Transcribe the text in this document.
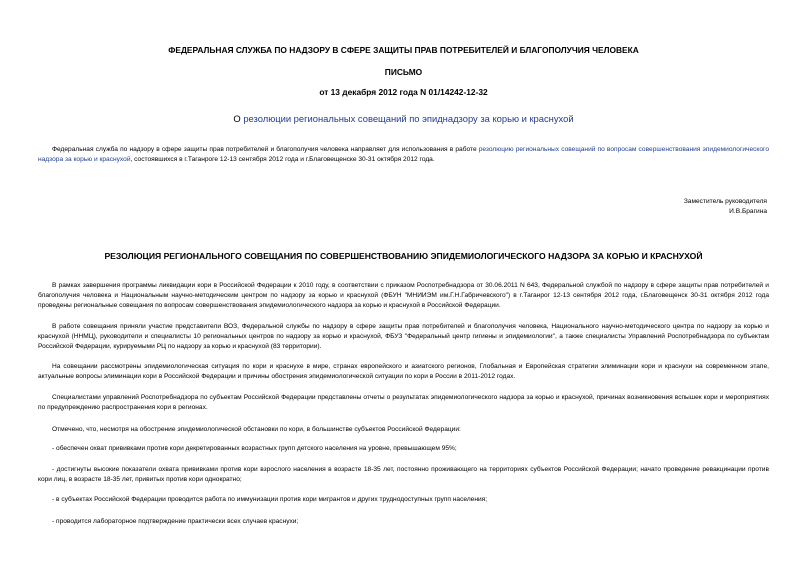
ФЕДЕРАЛЬНАЯ СЛУЖБА ПО НАДЗОРУ В СФЕРЕ ЗАЩИТЫ ПРАВ ПОТРЕБИТЕЛЕЙ И БЛАГОПОЛУЧИЯ ЧЕЛОВЕКА
ПИСЬМО
от 13 декабря 2012 года N 01/14242-12-32
О резолюции региональных совещаний по эпиднадзору за корью и краснухой
Федеральная служба по надзору в сфере защиты прав потребителей и благополучия человека направляет для использования в работе резолюцию региональных совещаний по вопросам совершенствования эпидемиологического надзора за корью и краснухой, состоявшихся в г.Таганроге 12-13 сентября 2012 года и г.Благовещенске 30-31 октября 2012 года.
Заместитель руководителя
И.В.Брагина
РЕЗОЛЮЦИЯ РЕГИОНАЛЬНОГО СОВЕЩАНИЯ ПО СОВЕРШЕНСТВОВАНИЮ ЭПИДЕМИОЛОГИЧЕСКОГО НАДЗОРА ЗА КОРЬЮ И КРАСНУХОЙ
В рамках завершения программы ликвидации кори в Российской Федерации к 2010 году, в соответствии с приказом Роспотребнадзора от 30.06.2011 N 643, Федеральной службой по надзору в сфере защиты прав потребителей и благополучия человека и Национальным научно-методическим центром по надзору за корью и краснухой (ФБУН "МНИИЭМ им.Г.Н.Габричевского") в г.Таганрог 12-13 сентября 2012 года, г.Благовещенск 30-31 октября 2012 года проведены региональные совещания по вопросам совершенствования эпидемиологического надзора за корью и краснухой в Российской Федерации.
В работе совещания приняли участие представители ВОЗ, Федеральной службы по надзору в сфере защиты прав потребителей и благополучия человека, Национального научно-методического центра по надзору за корью и краснухой (ННМЦ), руководители и специалисты 10 региональных центров по надзору за корью и краснухой, ФБУЗ "Федеральный центр гигиены и эпидемиологии", а также специалисты Управлений Роспотребнадзора по субъектам Российской Федерации, курируемыми РЦ по надзору за корью и краснухой (83 территории).
На совещании рассмотрены эпидемиологическая ситуация по кори и краснухе в мире, странах европейского и азиатского регионов, Глобальная и Европейская стратегии элиминации кори и краснухи на современном этапе, актуальные вопросы элиминации кори в Российской Федерации и причины обострения эпидемиологической ситуации по кори в России в 2011-2012 годах.
Специалистами управлений Роспотребнадзора по субъектам Российской Федерации представлены отчеты о результатах эпидемиологического надзора за корью и краснухой, причинах возникновения вспышек кори и мероприятиях по предупреждению распространения кори в регионах.
Отмечено, что, несмотря на обострение эпидемиологической обстановки по кори, в большинстве субъектов Российской Федерации:
- обеспечен охват прививками против кори декретированных возрастных групп детского населения на уровне, превышающем 95%;
- достигнуты высокие показатели охвата прививками против кори взрослого населения в возрасте 18-35 лет, постоянно проживающего на территориях субъектов Российской Федерации; начато проведение ревакцинации против кори лиц, в возрасте 18-35 лет, привитых против кори однократно;
- в субъектах Российской Федерации проводится работа по иммунизации против кори мигрантов и других труднодоступных групп населения;
- проводится лабораторное подтверждение практически всех случаев краснухи;
